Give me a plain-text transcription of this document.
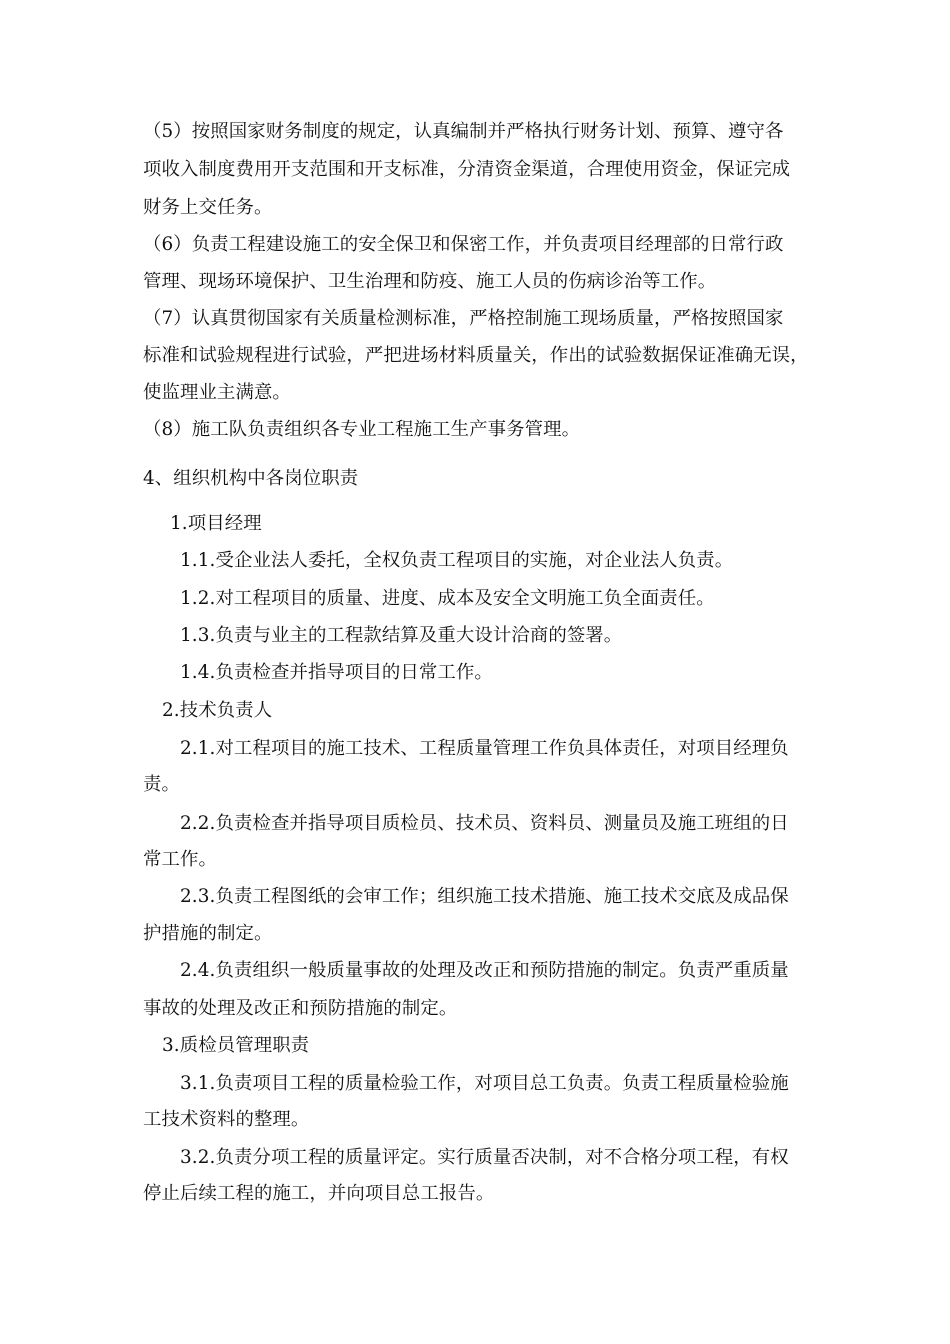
（5）按照国家财务制度的规定，认真编制并严格执行财务计划、预算、遵守各
项收入制度费用开支范围和开支标准，分清资金渠道，合理使用资金，保证完成
财务上交任务。
（6）负责工程建设施工的安全保卫和保密工作，并负责项目经理部的日常行政
管理、现场环境保护、卫生治理和防疫、施工人员的伤病诊治等工作。
（7）认真贯彻国家有关质量检测标准，严格控制施工现场质量，严格按照国家
标准和试验规程进行试验，严把进场材料质量关，作出的试验数据保证准确无误，
使监理业主满意。
（8）施工队负责组织各专业工程施工生产事务管理。
4、组织机构中各岗位职责
1.项目经理
1.1.受企业法人委托，全权负责工程项目的实施，对企业法人负责。
1.2.对工程项目的质量、进度、成本及安全文明施工负全面责任。
1.3.负责与业主的工程款结算及重大设计洽商的签署。
1.4.负责检查并指导项目的日常工作。
2.技术负责人
2.1.对工程项目的施工技术、工程质量管理工作负具体责任，对项目经理负
责。
2.2.负责检查并指导项目质检员、技术员、资料员、测量员及施工班组的日
常工作。
2.3.负责工程图纸的会审工作；组织施工技术措施、施工技术交底及成品保
护措施的制定。
2.4.负责组织一般质量事故的处理及改正和预防措施的制定。负责严重质量
事故的处理及改正和预防措施的制定。
3.质检员管理职责
3.1.负责项目工程的质量检验工作，对项目总工负责。负责工程质量检验施
工技术资料的整理。
3.2.负责分项工程的质量评定。实行质量否决制，对不合格分项工程，有权
停止后续工程的施工，并向项目总工报告。
